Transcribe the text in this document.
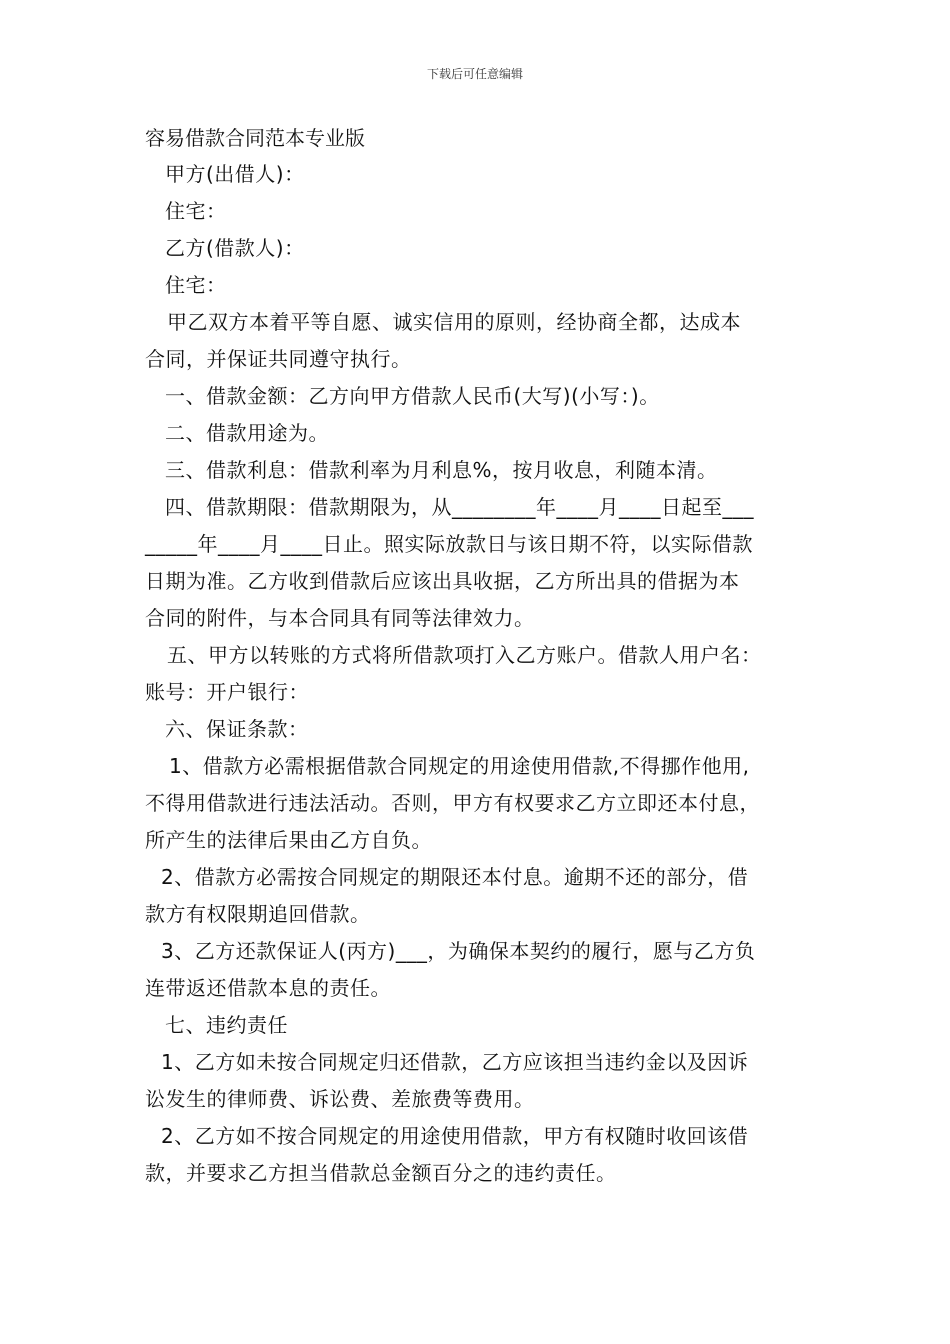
下载后可任意编辑
容易借款合同范本专业版
甲方(出借人)：
住宅：
乙方(借款人)：
住宅：
甲乙双方本着平等自愿、诚实信用的原则，经协商全都，达成本
合同，并保证共同遵守执行。
一、借款金额：乙方向甲方借款人民币(大写)(小写：)。
二、借款用途为。
三、借款利息：借款利率为月利息%，按月收息，利随本清。
四、借款期限：借款期限为，从________年____月____日起至___
_____年____月____日止。照实际放款日与该日期不符，以实际借款
日期为准。乙方收到借款后应该出具收据，乙方所出具的借据为本
合同的附件，与本合同具有同等法律效力。
五、甲方以转账的方式将所借款项打入乙方账户。借款人用户名：
账号：开户银行：
六、保证条款：
1、借款方必需根据借款合同规定的用途使用借款,不得挪作他用,
不得用借款进行违法活动。否则，甲方有权要求乙方立即还本付息，
所产生的法律后果由乙方自负。
2、借款方必需按合同规定的期限还本付息。逾期不还的部分，借
款方有权限期追回借款。
3、乙方还款保证人(丙方)___，为确保本契约的履行，愿与乙方负
连带返还借款本息的责任。
七、违约责任
1、乙方如未按合同规定归还借款，乙方应该担当违约金以及因诉
讼发生的律师费、诉讼费、差旅费等费用。
2、乙方如不按合同规定的用途使用借款，甲方有权随时收回该借
款，并要求乙方担当借款总金额百分之的违约责任。
